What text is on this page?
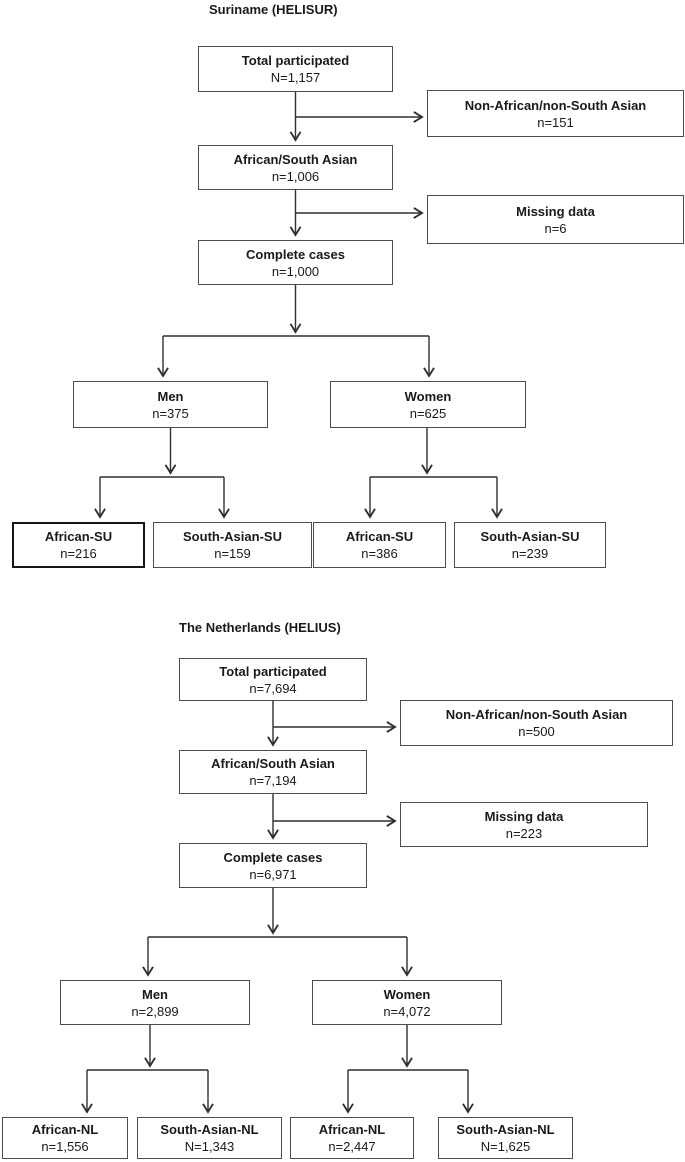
Suriname (HELISUR)
Total participated
N=1,157
Non-African/non-South Asian
n=151
African/South Asian
n=1,006
Missing data
n=6
Complete cases
n=1,000
Men
n=375
Women
n=625
African-SU
n=216
South-Asian-SU
n=159
African-SU
n=386
South-Asian-SU
n=239
The Netherlands (HELIUS)
Total participated
n=7,694
Non-African/non-South Asian
n=500
African/South Asian
n=7,194
Missing data
n=223
Complete cases
n=6,971
Men
n=2,899
Women
n=4,072
African-NL
n=1,556
South-Asian-NL
N=1,343
African-NL
n=2,447
South-Asian-NL
N=1,625
